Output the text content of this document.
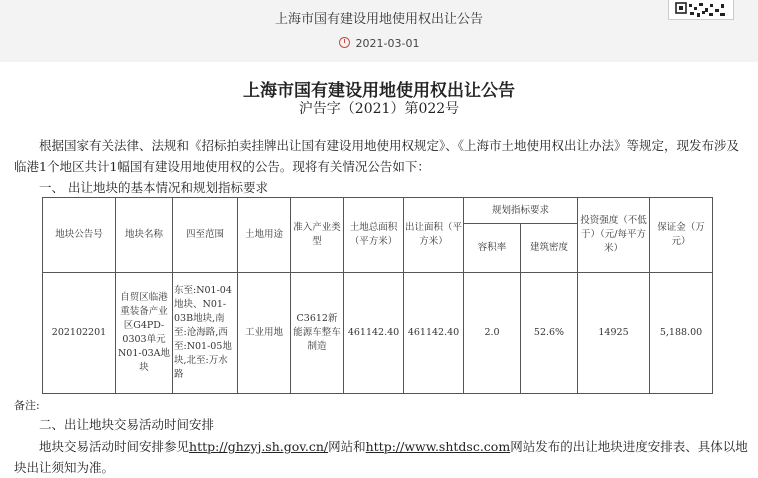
上海市国有建设用地使用权出让公告
2021-03-01
上海市国有建设用地使用权出让公告
沪告字（2021）第022号
根据国家有关法律、法规和《招标拍卖挂牌出让国有建设用地使用权规定》、《上海市土地使用权出让办法》等规定，现发布涉及临港1个地区共计1幅国有建设用地使用权的公告。现将有关情况公告如下：
一、 出让地块的基本情况和规划指标要求
地块公告号	地块名称	四至范围	土地用途	准入产业类型	土地总面积（平方米）	出让面积（平方米）	规划指标要求		投资强度（不低于）（元/每平方米）	保证金（万元）
							容积率	建筑密度		
202102201	自贸区临港重装备产业区G4PD-0303单元N01-03A地块	东至:N01-04地块、N01-03B地块,南至:沧海路,西至:N01-05地块,北至:万水路	工业用地	C3612新能源车整车制造	461142.40	461142.40	2.0	52.6%	14925	5,188.00
备注:
二、出让地块交易活动时间安排
地块交易活动时间安排参见http://ghzyj.sh.gov.cn/网站和http://www.shtdsc.com网站发布的出让地块进度安排表、具体以地块出让须知为准。
